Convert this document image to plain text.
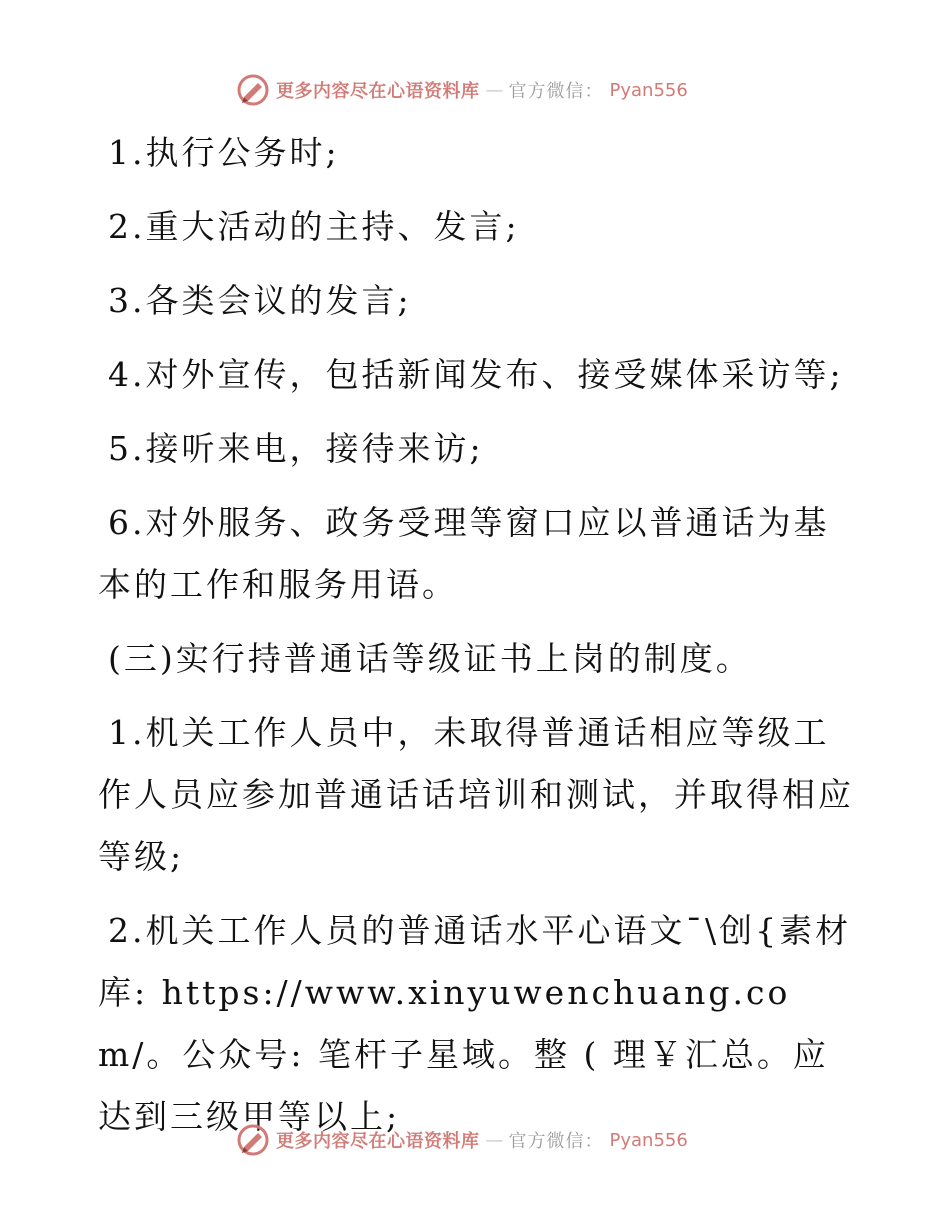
更多内容尽在心语资料库 — 官方微信： Pyan556

1.执行公务时;

2.重大活动的主持、发言;

3.各类会议的发言;

4.对外宣传，包括新闻发布、接受媒体采访等;

5.接听来电，接待来访;

6.对外服务、政务受理等窗口应以普通话为基本的工作和服务用语。

(三)实行持普通话等级证书上岗的制度。

1.机关工作人员中，未取得普通话相应等级工作人员应参加普通话话培训和测试，并取得相应等级;

2.机关工作人员的普通话水平心语文¯\创{素材库: https://www.xinyuwenchuang.com/。公众号: 笔杆子星域。整 ( 理￥汇总。应达到三级甲等以上;

更多内容尽在心语资料库 — 官方微信： Pyan556
